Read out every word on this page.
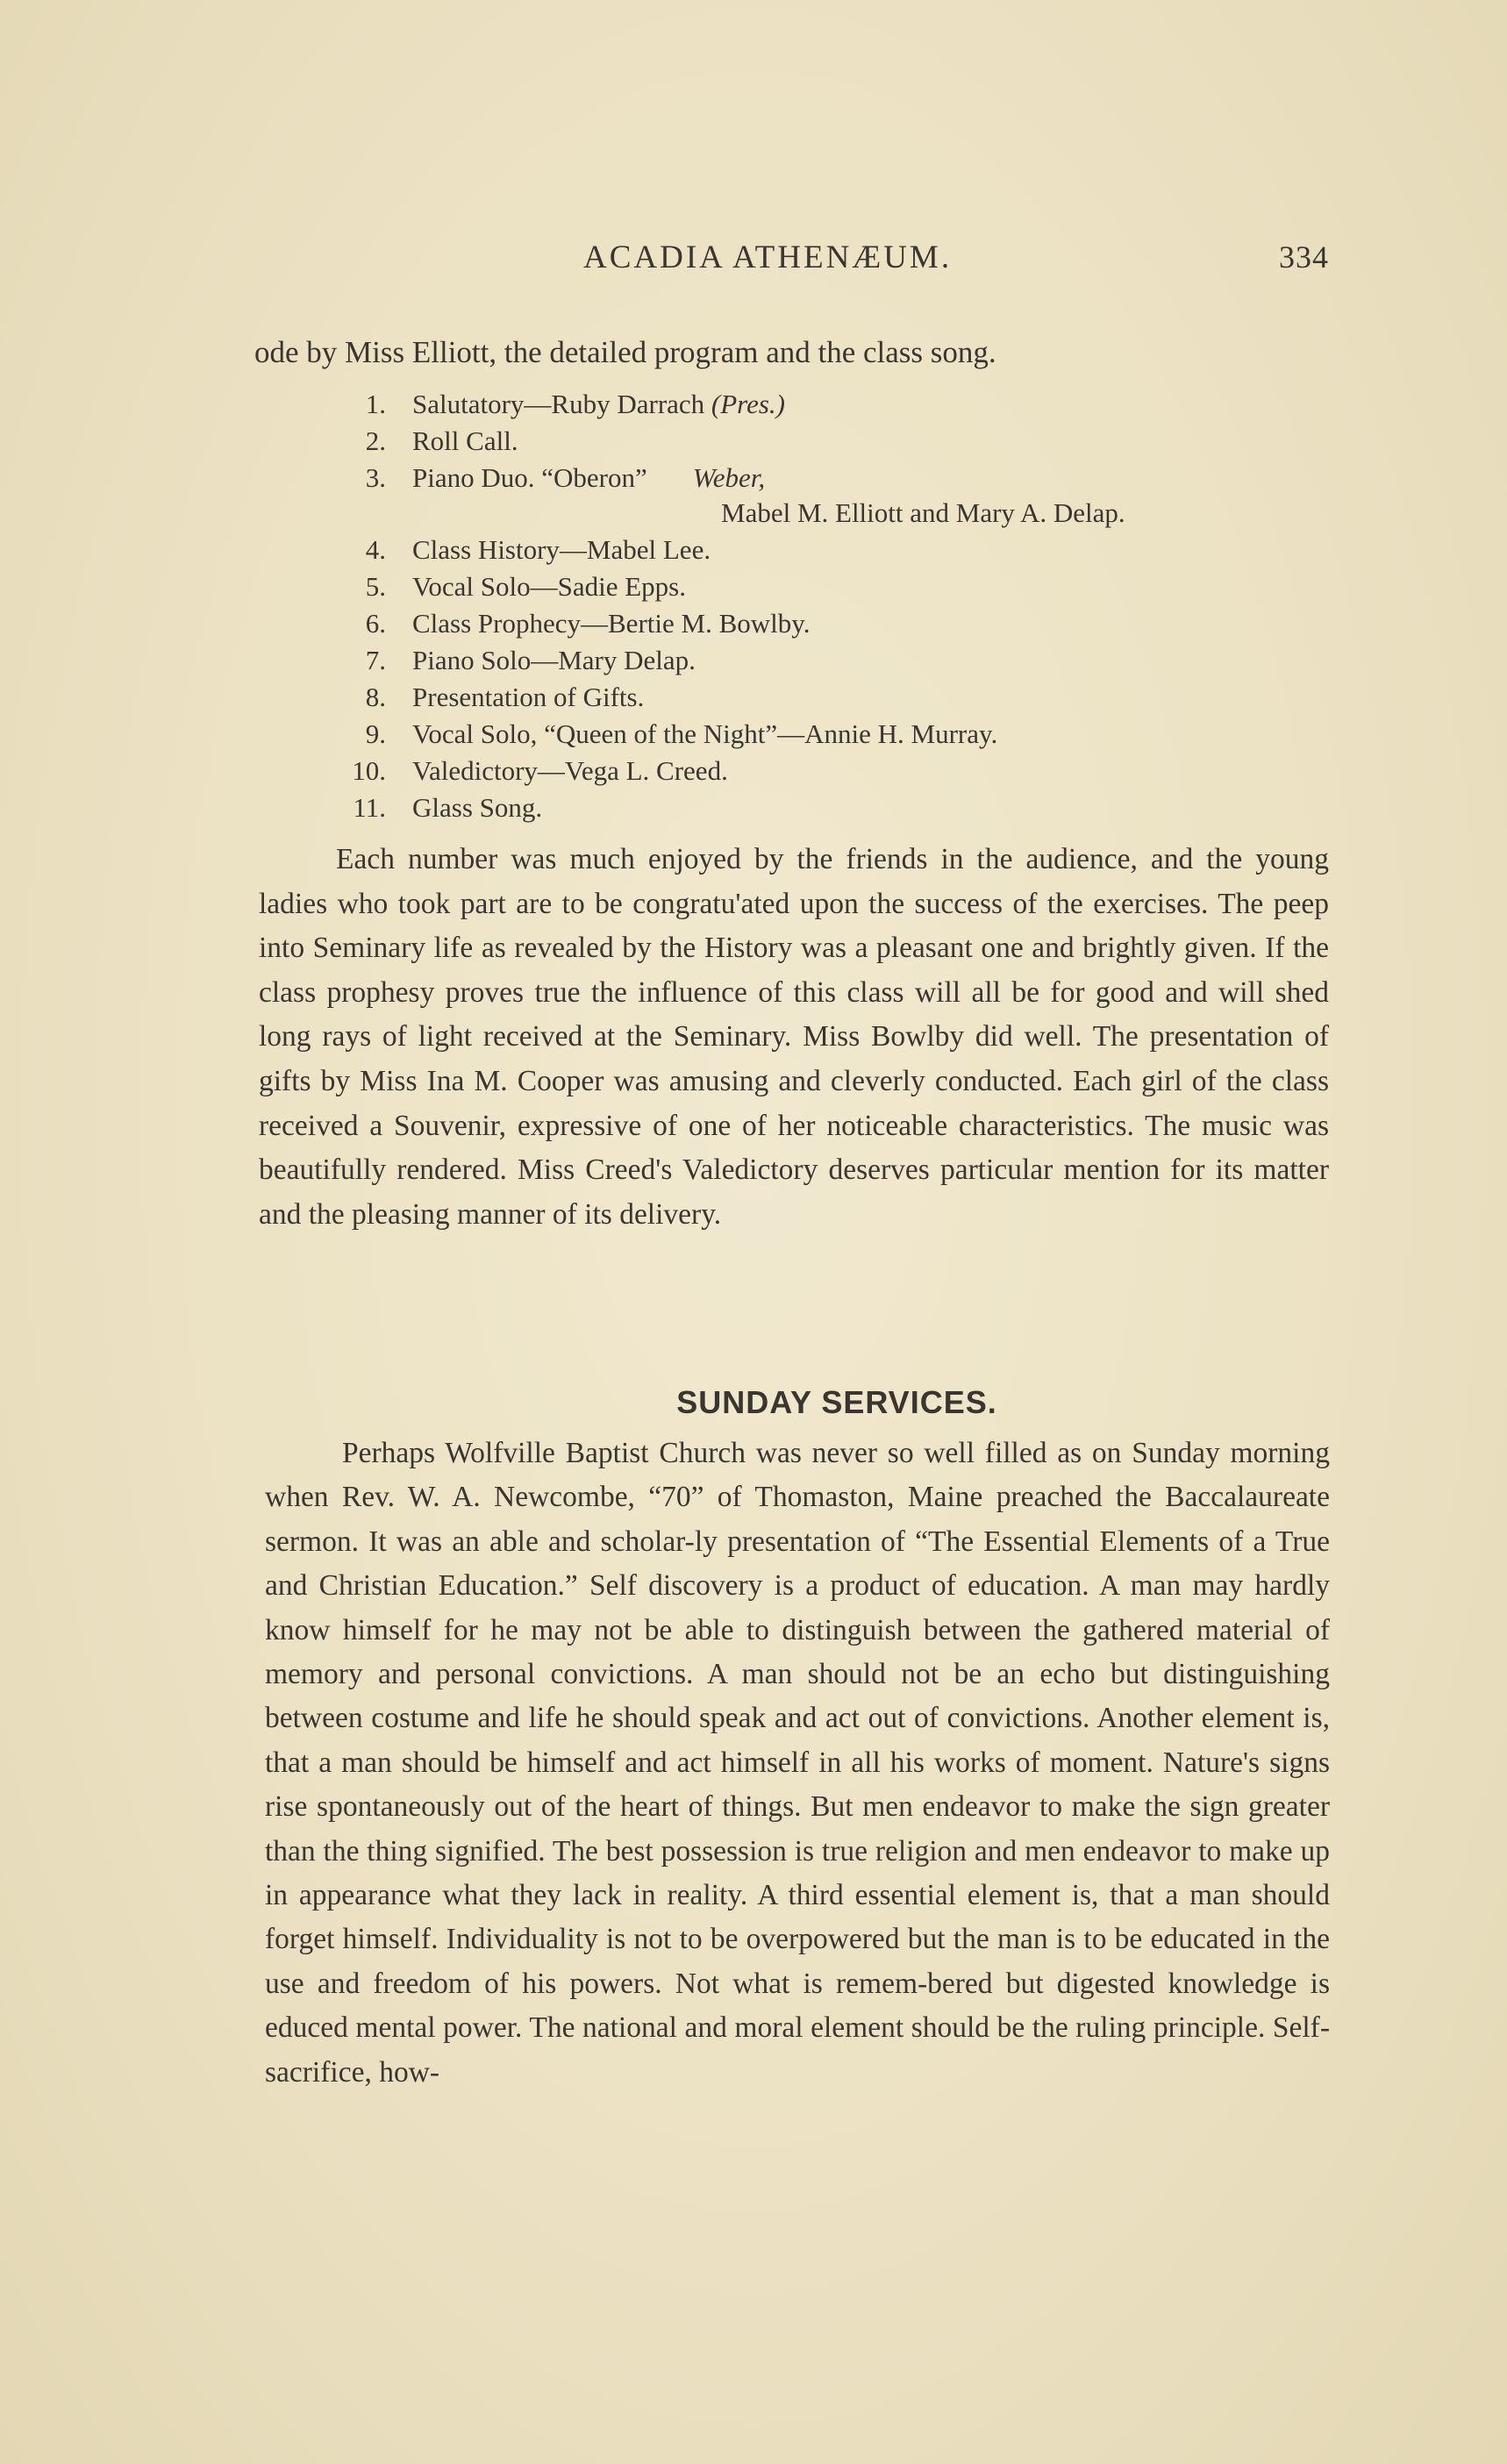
ACADIA ATHENÆUM.	334
ode by Miss Elliott, the detailed program and the class song.
1. Salutatory—Ruby Darrach (Pres.)
2. Roll Call.
3. Piano Duo. “Oberon” Weber,
Mabel M. Elliott and Mary A. Delap.
4. Class History—Mabel Lee.
5. Vocal Solo—Sadie Epps.
6. Class Prophecy—Bertie M. Bowlby.
7. Piano Solo—Mary Delap.
8. Presentation of Gifts.
9. Vocal Solo, “Queen of the Night”—Annie H. Murray.
10. Valedictory—Vega L. Creed.
11. Glass Song.

Each number was much enjoyed by the friends in the audience, and the young ladies who took part are to be congratu'ated upon the success of the exercises. The peep into Seminary life as revealed by the History was a pleasant one and brightly given. If the class prophesy proves true the influence of this class will all be for good and will shed long rays of light received at the Seminary. Miss Bowlby did well. The presentation of gifts by Miss Ina M. Cooper was amusing and cleverly conducted. Each girl of the class received a Souvenir, expressive of one of her noticeable characteristics. The music was beautifully rendered. Miss Creed's Valedictory deserves particular mention for its matter and the pleasing manner of its delivery.

SUNDAY SERVICES.

Perhaps Wolfville Baptist Church was never so well filled as on Sunday morning when Rev. W. A. Newcombe, “70” of Thomaston, Maine preached the Baccalaureate sermon. It was an able and scholar-ly presentation of “The Essential Elements of a True and Christian Education.” Self discovery is a product of education. A man may hardly know himself for he may not be able to distinguish between the gathered material of memory and personal convictions. A man should not be an echo but distinguishing between costume and life he should speak and act out of convictions. Another element is, that a man should be himself and act himself in all his works of moment. Nature's signs rise spontaneously out of the heart of things. But men endeavor to make the sign greater than the thing signified. The best possession is true religion and men endeavor to make up in appearance what they lack in reality. A third essential element is, that a man should forget himself. Individuality is not to be overpowered but the man is to be educated in the use and freedom of his powers. Not what is remem-bered but digested knowledge is educed mental power. The national and moral element should be the ruling principle. Self-sacrifice, how-
